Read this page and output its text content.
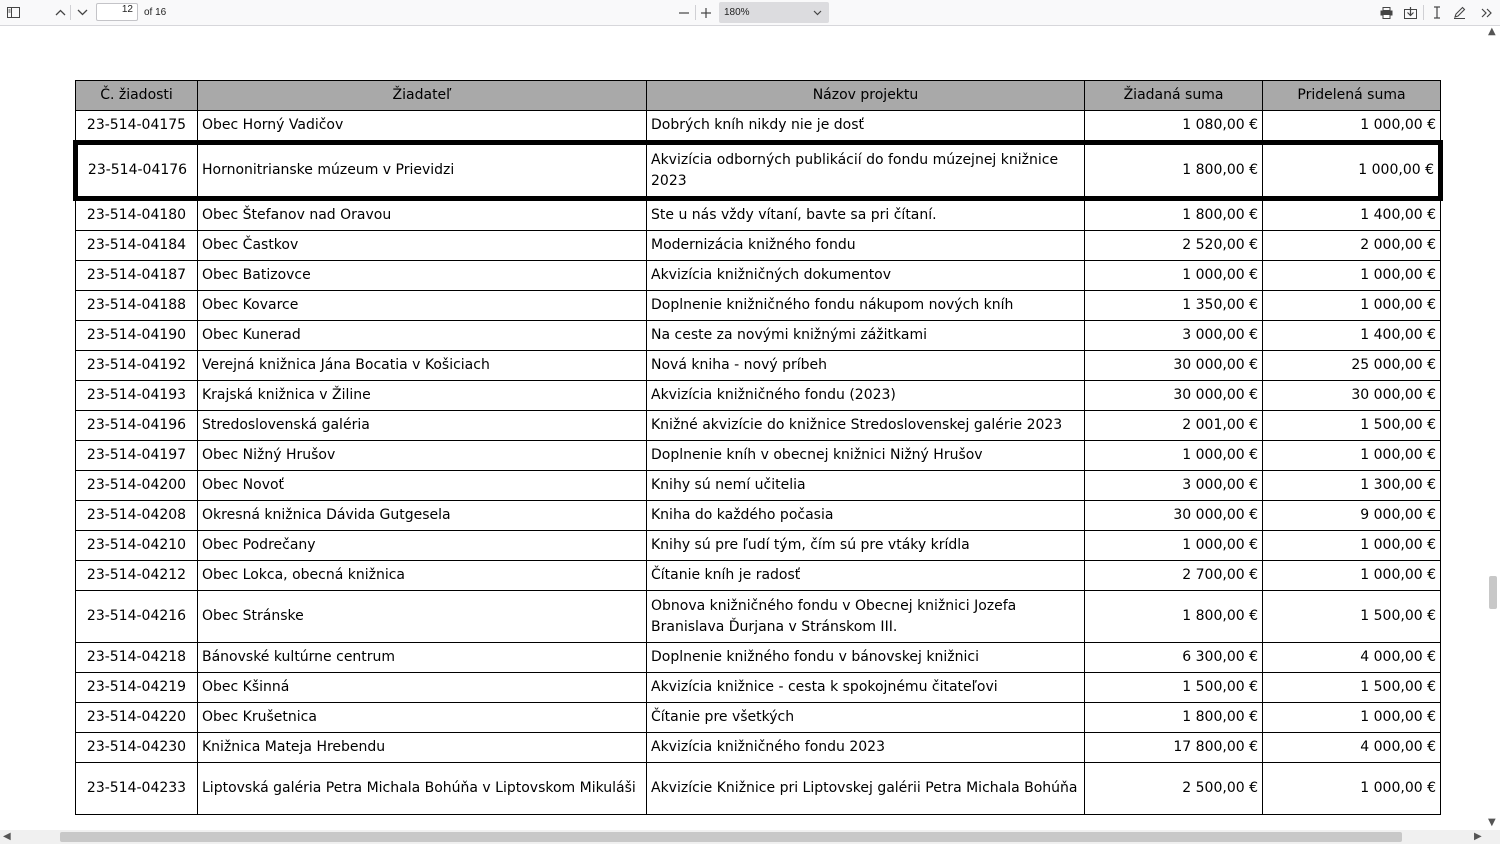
12	of 16	180%
Č. žiadosti	Žiadateľ	Názov projektu	Žiadaná suma	Pridelená suma
23-514-04175	Obec Horný Vadičov	Dobrých kníh nikdy nie je dosť	1 080,00 €	1 000,00 €
23-514-04176	Hornonitrianske múzeum v Prievidzi	Akvizícia odborných publikácií do fondu múzejnej knižnice 2023	1 800,00 €	1 000,00 €
23-514-04180	Obec Štefanov nad Oravou	Ste u nás vždy vítaní, bavte sa pri čítaní.	1 800,00 €	1 400,00 €
23-514-04184	Obec Častkov	Modernizácia knižného fondu	2 520,00 €	2 000,00 €
23-514-04187	Obec Batizovce	Akvizícia knižničných dokumentov	1 000,00 €	1 000,00 €
23-514-04188	Obec Kovarce	Doplnenie knižničného fondu nákupom nových kníh	1 350,00 €	1 000,00 €
23-514-04190	Obec Kunerad	Na ceste za novými knižnými zážitkami	3 000,00 €	1 400,00 €
23-514-04192	Verejná knižnica Jána Bocatia v Košiciach	Nová kniha - nový príbeh	30 000,00 €	25 000,00 €
23-514-04193	Krajská knižnica v Žiline	Akvizícia knižničného fondu (2023)	30 000,00 €	30 000,00 €
23-514-04196	Stredoslovenská galéria	Knižné akvizície do knižnice Stredoslovenskej galérie 2023	2 001,00 €	1 500,00 €
23-514-04197	Obec Nižný Hrušov	Doplnenie kníh v obecnej knižnici Nižný Hrušov	1 000,00 €	1 000,00 €
23-514-04200	Obec Novoť	Knihy sú nemí učitelia	3 000,00 €	1 300,00 €
23-514-04208	Okresná knižnica Dávida Gutgesela	Kniha do každého počasia	30 000,00 €	9 000,00 €
23-514-04210	Obec Podrečany	Knihy sú pre ľudí tým, čím sú pre vtáky krídla	1 000,00 €	1 000,00 €
23-514-04212	Obec Lokca, obecná knižnica	Čítanie kníh je radosť	2 700,00 €	1 000,00 €
23-514-04216	Obec Stránske	Obnova knižničného fondu v Obecnej knižnici Jozefa Branislava Ďurjana v Stránskom III.	1 800,00 €	1 500,00 €
23-514-04218	Bánovské kultúrne centrum	Doplnenie knižného fondu v bánovskej knižnici	6 300,00 €	4 000,00 €
23-514-04219	Obec Kšinná	Akvizícia knižnice - cesta k spokojnému čitateľovi	1 500,00 €	1 500,00 €
23-514-04220	Obec Krušetnica	Čítanie pre všetkých	1 800,00 €	1 000,00 €
23-514-04230	Knižnica Mateja Hrebendu	Akvizícia knižničného fondu 2023	17 800,00 €	4 000,00 €
23-514-04233	Liptovská galéria Petra Michala Bohúňa v Liptovskom Mikuláši	Akvizície Knižnice pri Liptovskej galérii Petra Michala Bohúňa	2 500,00 €	1 000,00 €
▲
▼
◀	▶
